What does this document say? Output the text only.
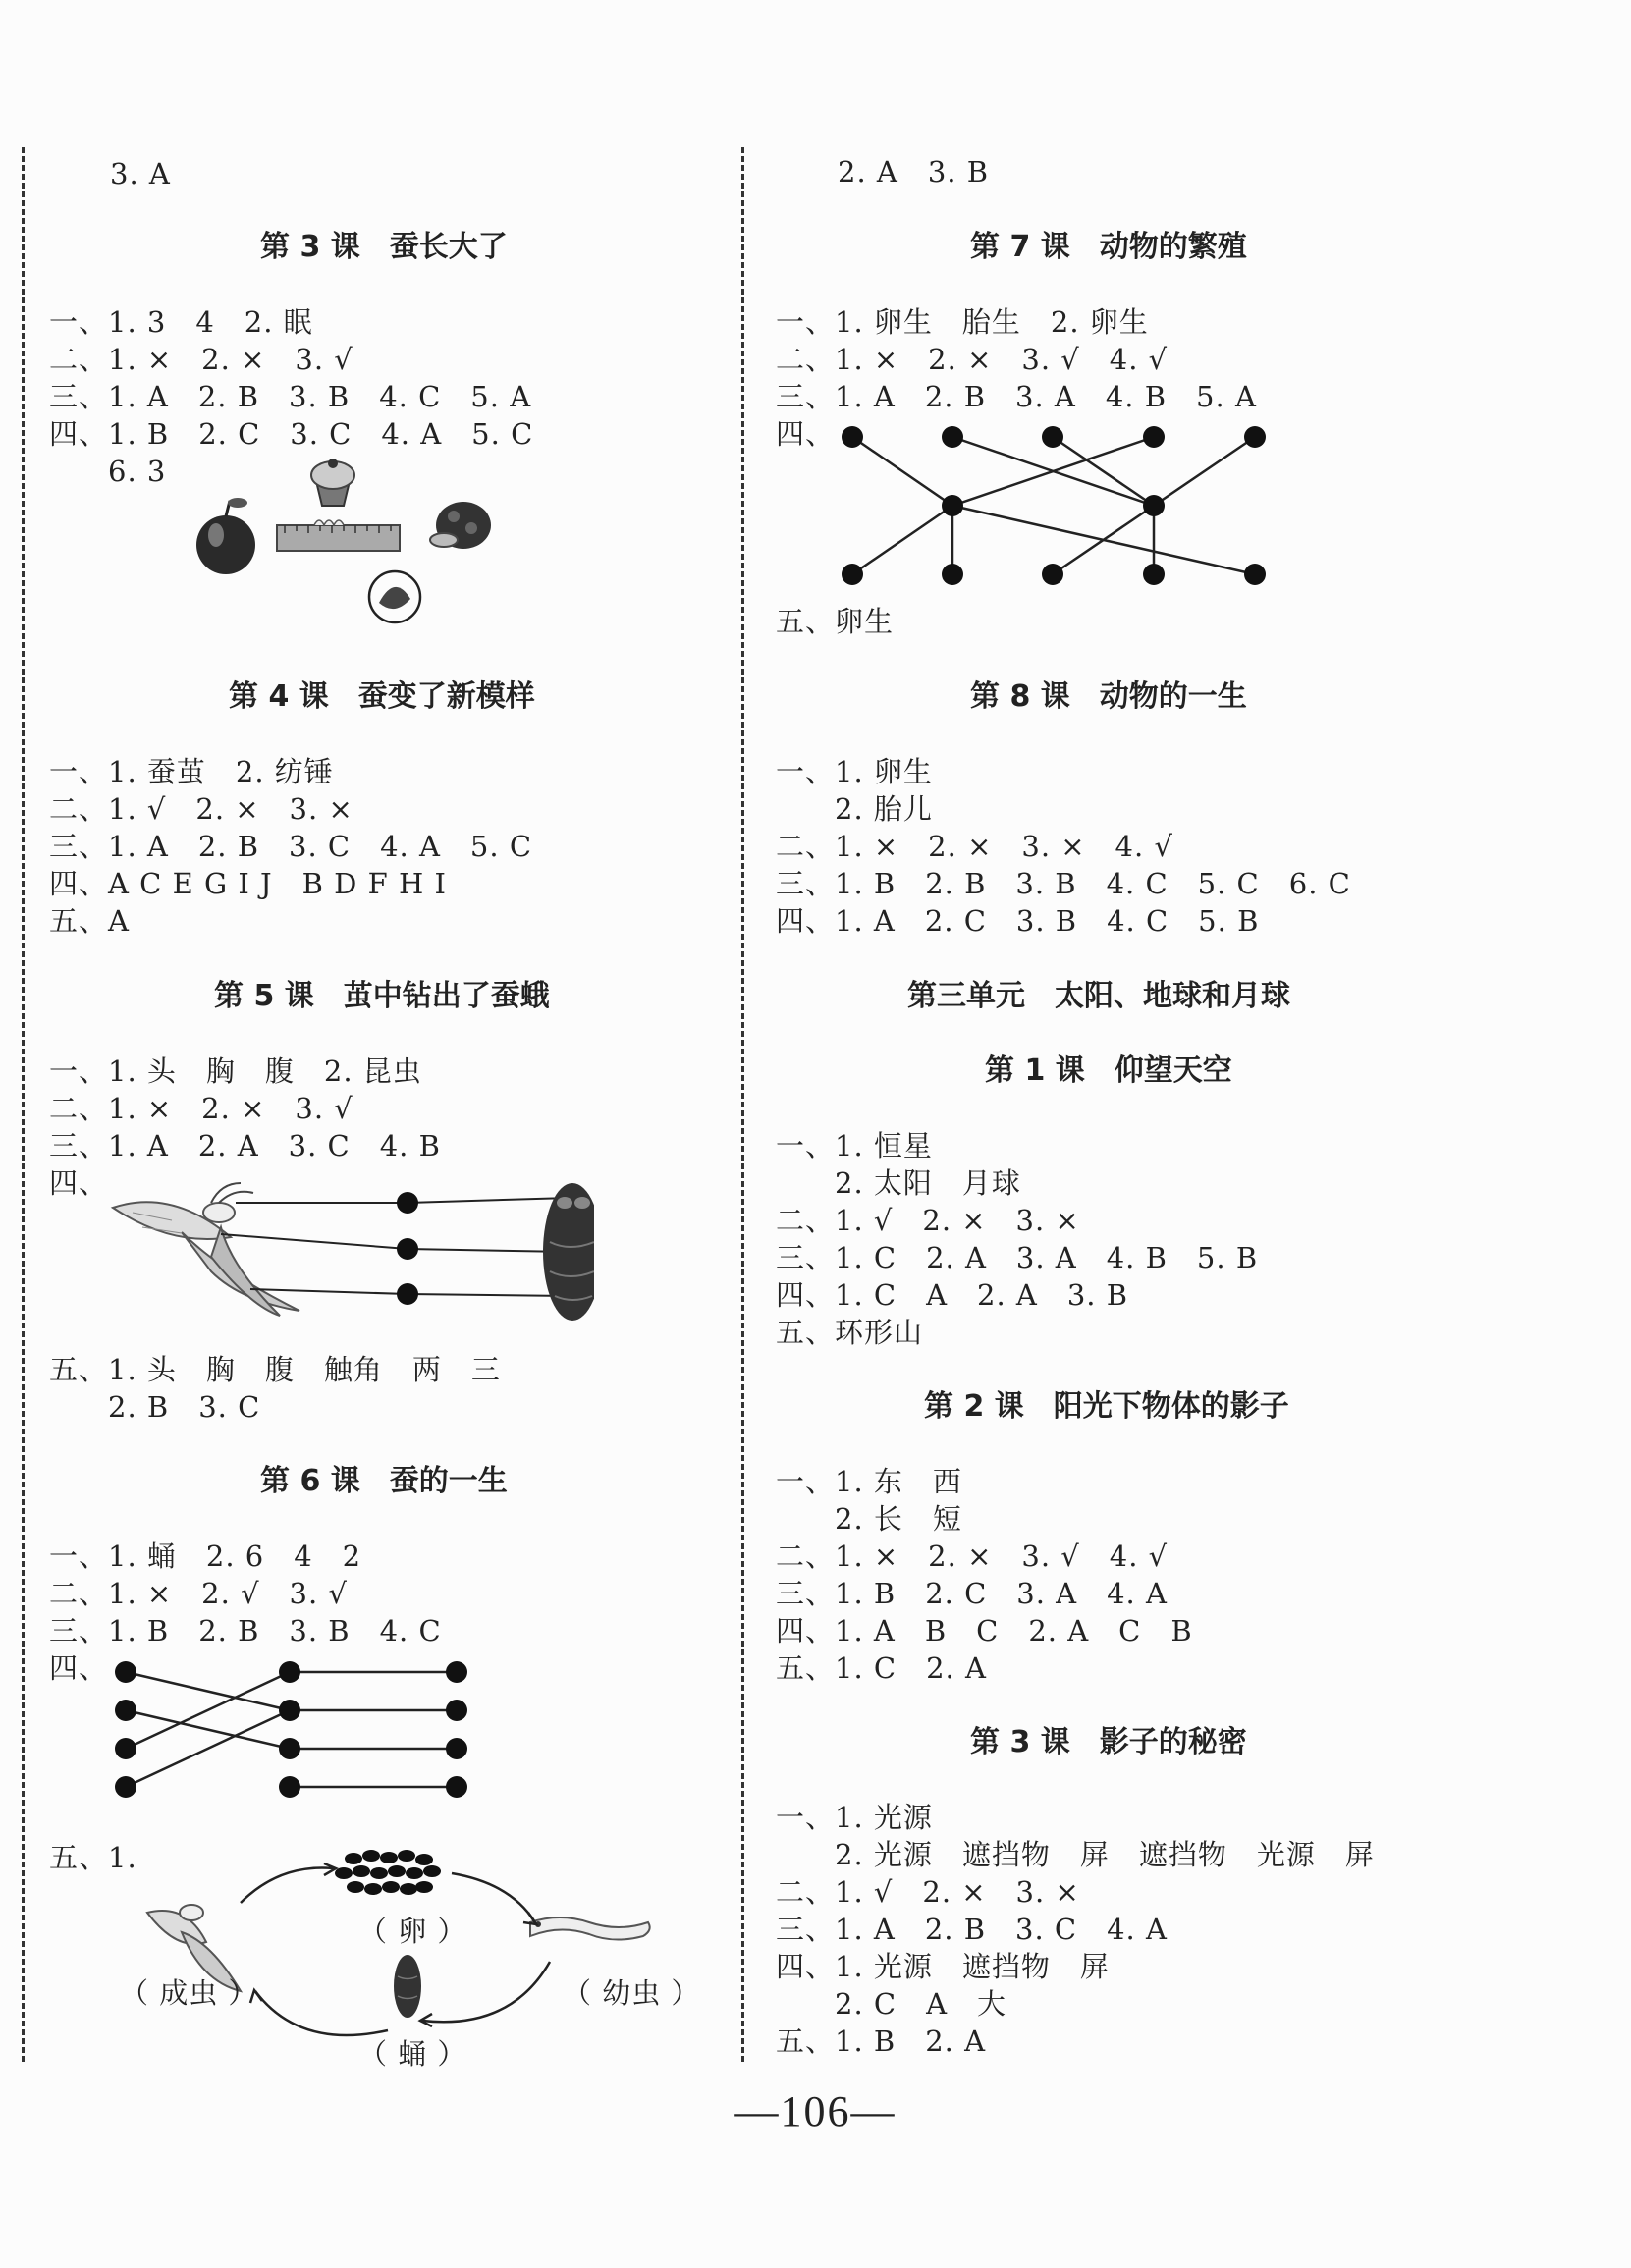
3. A
第 3 课　蚕长大了
一、1. 3　4　2. 眠
二、1. ×　2. ×　3. √
三、1. A　2. B　3. B　4. C　5. A
四、1. B　2. C　3. C　4. A　5. C
　　6. 3
第 4 课　蚕变了新模样
一、1. 蚕茧　2. 纺锤
二、1. √　2. ×　3. ×
三、1. A　2. B　3. C　4. A　5. C
四、A C E G I J　B D F H I
五、A
第 5 课　茧中钻出了蚕蛾
一、1. 头　胸　腹　2. 昆虫
二、1. ×　2. ×　3. √
三、1. A　2. A　3. C　4. B
四、
五、1. 头　胸　腹　触角　两　三
　　2. B　3. C
第 6 课　蚕的一生
一、1. 蛹　2. 6　4　2
二、1. ×　2. √　3. √
三、1. B　2. B　3. B　4. C
四、
五、1.
（ 卵 ）
（ 幼虫 ）
（ 成虫 ）
（ 蛹 ）
2. A　3. B
第 7 课　动物的繁殖
一、1. 卵生　胎生　2. 卵生
二、1. ×　2. ×　3. √　4. √
三、1. A　2. B　3. A　4. B　5. A
四、
五、卵生
第 8 课　动物的一生
一、1. 卵生
　　2. 胎儿
二、1. ×　2. ×　3. ×　4. √
三、1. B　2. B　3. B　4. C　5. C　6. C
四、1. A　2. C　3. B　4. C　5. B
第三单元　太阳、地球和月球
第 1 课　仰望天空
一、1. 恒星
　　2. 太阳　月球
二、1. √　2. ×　3. ×
三、1. C　2. A　3. A　4. B　5. B
四、1. C　A　2. A　3. B
五、环形山
第 2 课　阳光下物体的影子
一、1. 东　西
　　2. 长　短
二、1. ×　2. ×　3. √　4. √
三、1. B　2. C　3. A　4. A
四、1. A　B　C　2. A　C　B
五、1. C　2. A
第 3 课　影子的秘密
一、1. 光源
　　2. 光源　遮挡物　屏　遮挡物　光源　屏
二、1. √　2. ×　3. ×
三、1. A　2. B　3. C　4. A
四、1. 光源　遮挡物　屏
　　2. C　A　大
五、1. B　2. A
—106—
